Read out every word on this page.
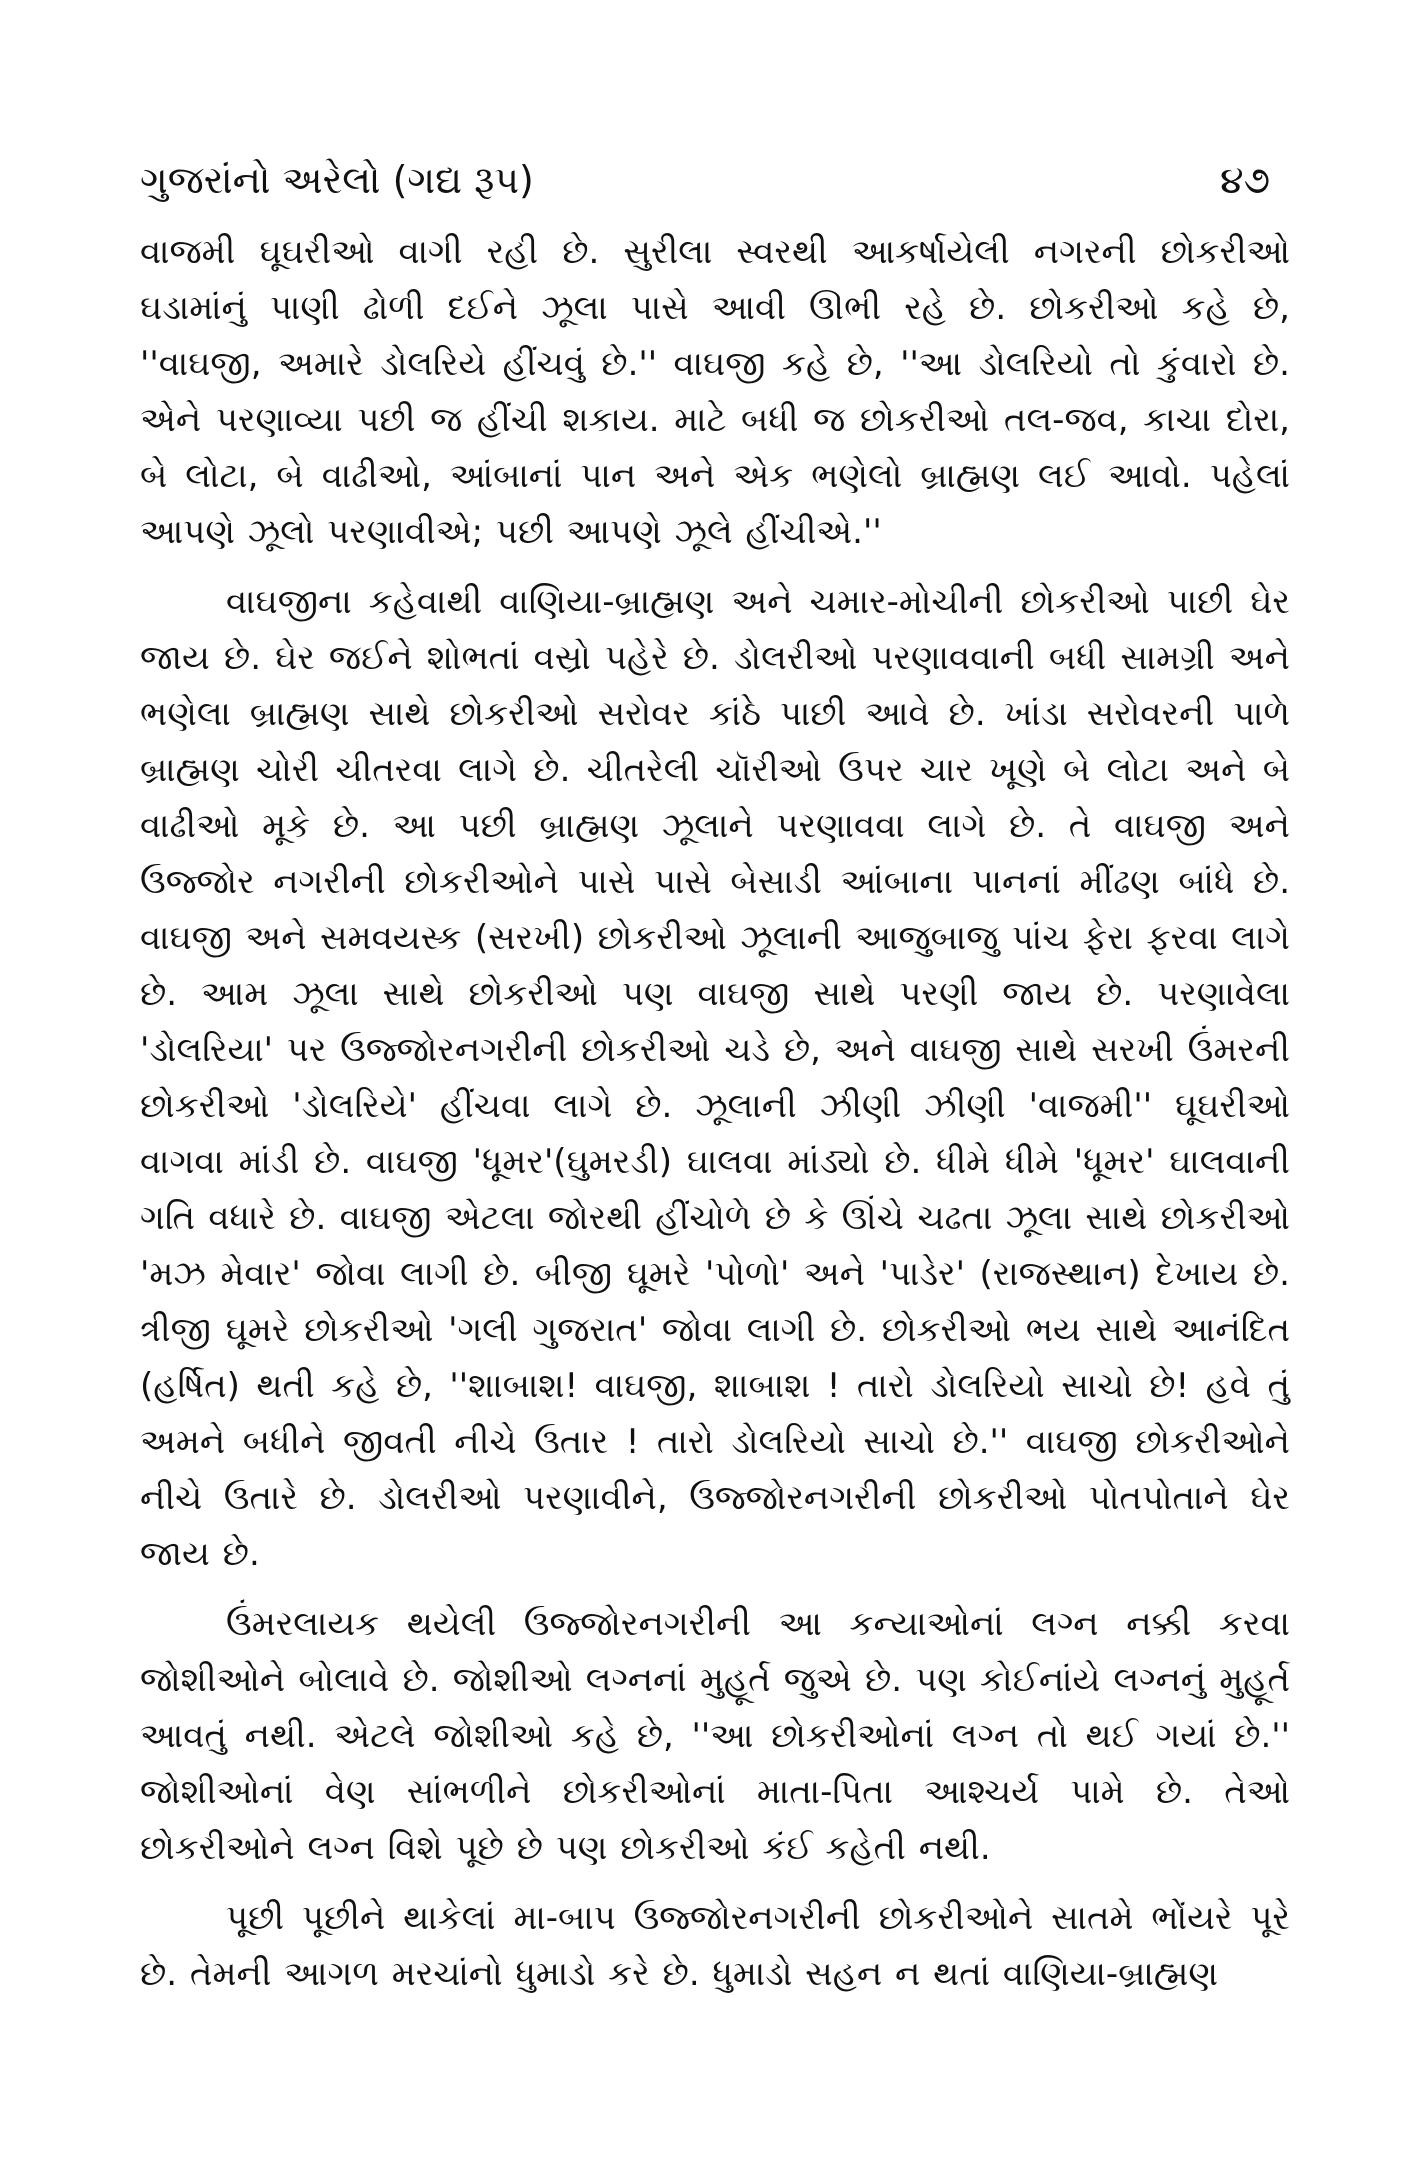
ગુજરાંનો અરેલો (ગદ્ય રૂપ)	૪૭

વાજમી ઘૂઘરીઓ વાગી રહી છે. સુરીલા સ્વરથી આકર્ષાયેલી નગરની છોકરીઓ ઘડામાંનું પાણી ઢોળી દઈને ઝૂલા પાસે આવી ઊભી રહે છે. છોકરીઓ કહે છે, ''વાઘજી, અમારે ડોલરિયે હીંચવું છે.'' વાઘજી કહે છે, ''આ ડોલરિયો તો કુંવારો છે. એને પરણાવ્યા પછી જ હીંચી શકાય. માટે બધી જ છોકરીઓ તલ-જવ, કાચા દોરા, બે લોટા, બે વાઢીઓ, આંબાનાં પાન અને એક ભણેલો બ્રાહ્મણ લઈ આવો. પહેલાં આપણે ઝૂલો પરણાવીએ; પછી આપણે ઝૂલે હીંચીએ.''

વાઘજીના કહેવાથી વાણિયા-બ્રાહ્મણ અને ચમાર-મોચીની છોકરીઓ પાછી ઘેર જાય છે. ઘેર જઈને શોભતાં વસ્રો પહેરે છે. ડોલરીઓ પરણાવવાની બધી સામગ્રી અને ભણેલા બ્રાહ્મણ સાથે છોકરીઓ સરોવર કાંઠે પાછી આવે છે. ખાંડા સરોવરની પાળે બ્રાહ્મણ ચોરી ચીતરવા લાગે છે. ચીતરેલી ચૉરીઓ ઉપર ચાર ખૂણે બે લોટા અને બે વાઢીઓ મૂકે છે. આ પછી બ્રાહ્મણ ઝૂલાને પરણાવવા લાગે છે. તે વાઘજી અને ઉજ્જોર નગરીની છોકરીઓને પાસે પાસે બેસાડી આંબાના પાનનાં મીંઢણ બાંધે છે. વાઘજી અને સમવયસ્ક (સરખી) છોકરીઓ ઝૂલાની આજુબાજુ પાંચ ફેરા ફરવા લાગે છે. આમ ઝૂલા સાથે છોકરીઓ પણ વાઘજી સાથે પરણી જાય છે. પરણાવેલા 'ડોલરિયા' પર ઉજ્જોરનગરીની છોકરીઓ ચડે છે, અને વાઘજી સાથે સરખી ઉંમરની છોકરીઓ 'ડોલરિયે' હીંચવા લાગે છે. ઝૂલાની ઝીણી ઝીણી 'વાજમી'' ઘૂઘરીઓ વાગવા માંડી છે. વાઘજી 'ધૂમર'(ઘુમરડી) ઘાલવા માંડ્યો છે. ધીમે ધીમે 'ધૂમર' ઘાલવાની ગતિ વધારે છે. વાઘજી એટલા જોરથી હીંચોળે છે કે ઊંચે ચઢતા ઝૂલા સાથે છોકરીઓ 'મઝ મેવાર' જોવા લાગી છે. બીજી ઘૂમરે 'પોળો' અને 'પાડેર' (રાજસ્થાન) દેખાય છે. ત્રીજી ઘૂમરે છોકરીઓ 'ગલી ગુજરાત' જોવા લાગી છે. છોકરીઓ ભય સાથે આનંદિત (હર્ષિત) થતી કહે છે, ''શાબાશ! વાઘજી, શાબાશ ! તારો ડોલરિયો સાચો છે! હવે તું અમને બધીને જીવતી નીચે ઉતાર ! તારો ડોલરિયો સાચો છે.'' વાઘજી છોકરીઓને નીચે ઉતારે છે. ડોલરીઓ પરણાવીને, ઉજ્જોરનગરીની છોકરીઓ પોતપોતાને ઘેર જાય છે.

ઉંમરલાયક થયેલી ઉજ્જોરનગરીની આ કન્યાઓનાં લગ્ન નક્કી કરવા જોશીઓને બોલાવે છે. જોશીઓ લગ્નનાં મુહૂર્ત જુએ છે. પણ કોઈનાંયે લગ્નનું મુહૂર્ત આવતું નથી. એટલે જોશીઓ કહે છે, ''આ છોકરીઓનાં લગ્ન તો થઈ ગયાં છે.'' જોશીઓનાં વેણ સાંભળીને છોકરીઓનાં માતા-પિતા આશ્ચર્ય પામે છે. તેઓ છોકરીઓને લગ્ન વિશે પૂછે છે પણ છોકરીઓ કંઈ કહેતી નથી.

પૂછી પૂછીને થાકેલાં મા-બાપ ઉજ્જોરનગરીની છોકરીઓને સાતમે ભોંયરે પૂરે છે. તેમની આગળ મરચાંનો ધુમાડો કરે છે. ધુમાડો સહન ન થતાં વાણિયા-બ્રાહ્મણ
